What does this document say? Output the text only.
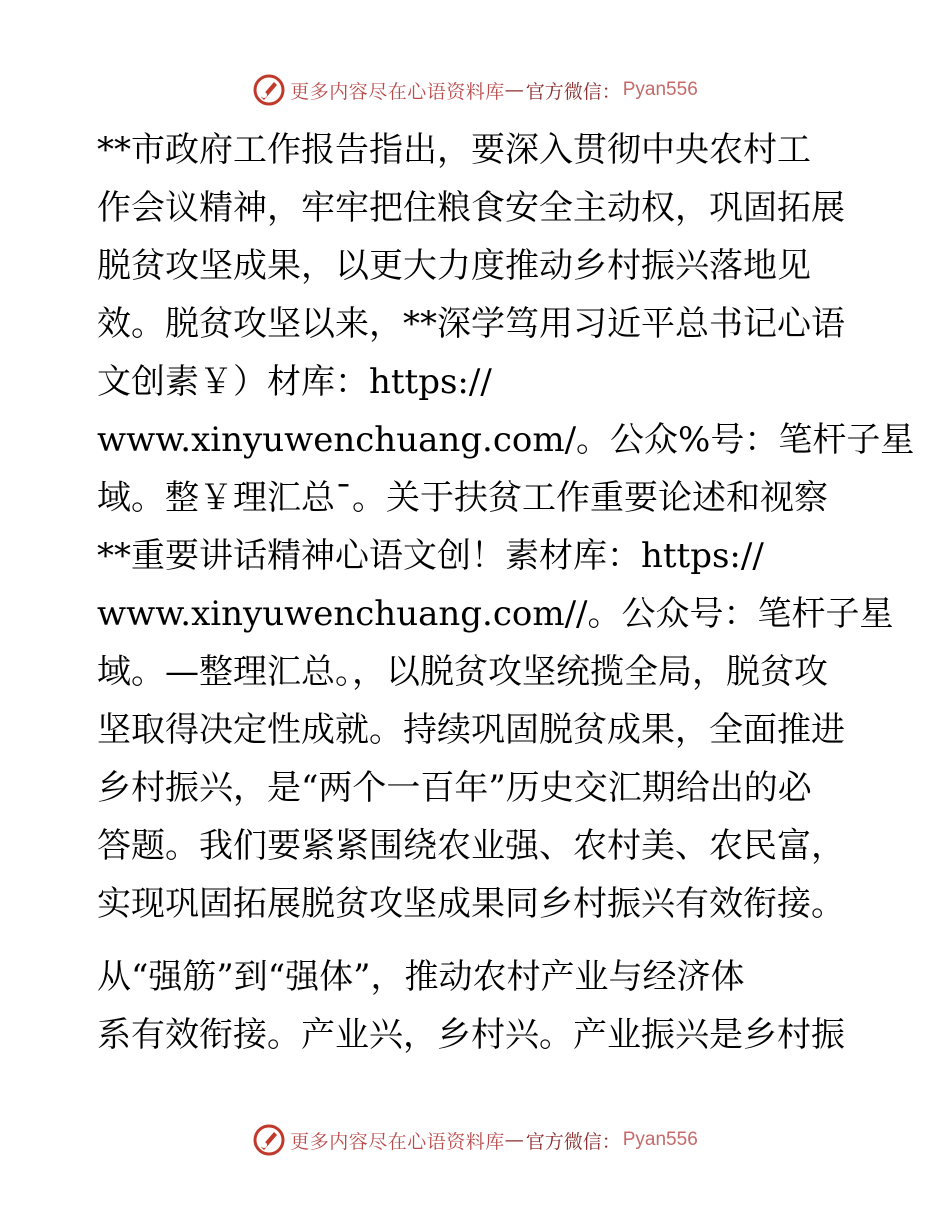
更多内容尽在心语资料库 — 官方微信： Pyan556
**市政府工作报告指出，要深入贯彻中央农村工
作会议精神，牢牢把住粮食安全主动权，巩固拓展
脱贫攻坚成果，以更大力度推动乡村振兴落地见
效。脱贫攻坚以来，**深学笃用习近平总书记心语
文创素￥）材库：https://
www.xinyuwenchuang.com/。公众%号：笔杆子星
域。整￥理汇总¯。关于扶贫工作重要论述和视察
**重要讲话精神心语文创！素材库：https://
www.xinyuwenchuang.com//。公众号：笔杆子星
域。—整理汇总。，以脱贫攻坚统揽全局，脱贫攻
坚取得决定性成就。持续巩固脱贫成果，全面推进
乡村振兴，是“两个一百年”历史交汇期给出的必
答题。我们要紧紧围绕农业强、农村美、农民富，
实现巩固拓展脱贫攻坚成果同乡村振兴有效衔接。
从“强筋”到“强体”，推动农村产业与经济体
系有效衔接。产业兴，乡村兴。产业振兴是乡村振
更多内容尽在心语资料库 — 官方微信： Pyan556
